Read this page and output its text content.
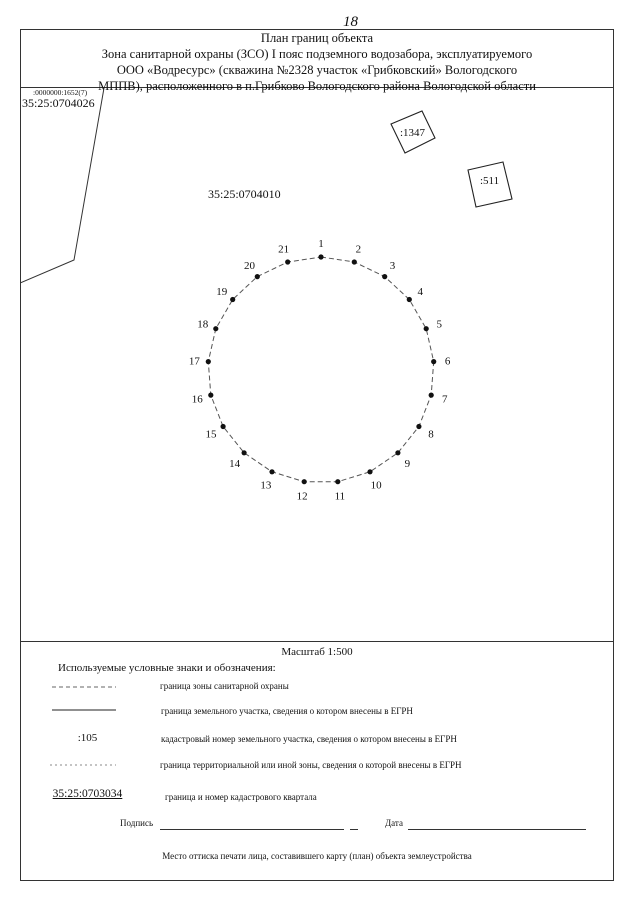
18
План границ объекта
Зона санитарной охраны (ЗСО) I пояс подземного водозабора, эксплуатируемого
ООО «Водресурс» (скважина №2328 участок «Грибковский» Вологодского
МППВ), расположенного в п.Грибково Вологодского района Вологодской области
:0000000:1652(7)
35:25:0704026
35:25:0704010
:1347
:511
1	2
3
4
5
6
7
8
9
10
11
12
13
14
15
16
17
18
19
20
21
Масштаб 1:500
Используемые условные знаки и обозначения:
граница зоны санитарной охраны
граница земельного участка, сведения о котором внесены в ЕГРН
:105	кадастровый номер земельного участка, сведения о котором внесены в ЕГРН
граница территориальной или иной зоны, сведения о которой внесены в ЕГРН
35:25:0703034	граница и номер кадастрового квартала
Подпись	Дата
Место оттиска печати лица, составившего карту (план) объекта землеустройства
